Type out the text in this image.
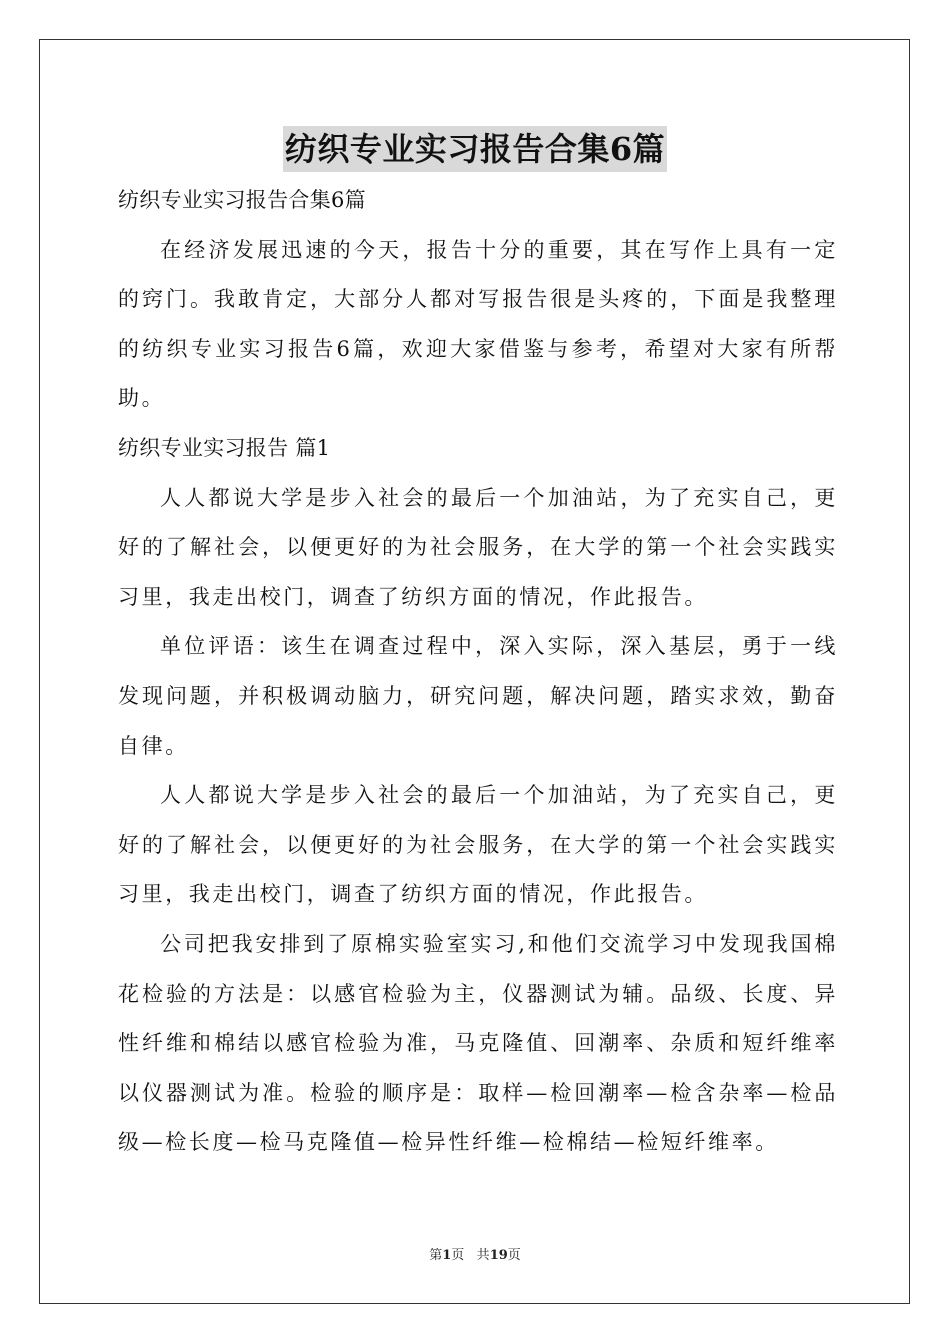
纺织专业实习报告合集6篇

纺织专业实习报告合集6篇

在经济发展迅速的今天，报告十分的重要，其在写作上具有一定的窍门。我敢肯定，大部分人都对写报告很是头疼的，下面是我整理的纺织专业实习报告6篇，欢迎大家借鉴与参考，希望对大家有所帮助。

纺织专业实习报告 篇1

人人都说大学是步入社会的最后一个加油站，为了充实自己，更好的了解社会，以便更好的为社会服务，在大学的第一个社会实践实习里，我走出校门，调查了纺织方面的情况，作此报告。

单位评语：该生在调查过程中，深入实际，深入基层，勇于一线发现问题，并积极调动脑力，研究问题，解决问题，踏实求效，勤奋自律。

人人都说大学是步入社会的最后一个加油站，为了充实自己，更好的了解社会，以便更好的为社会服务，在大学的第一个社会实践实习里，我走出校门，调查了纺织方面的情况，作此报告。

公司把我安排到了原棉实验室实习,和他们交流学习中发现我国棉花检验的方法是：以感官检验为主，仪器测试为辅。品级、长度、异性纤维和棉结以感官检验为准，马克隆值、回潮率、杂质和短纤维率以仪器测试为准。检验的顺序是：取样—检回潮率—检含杂率—检品级—检长度—检马克隆值—检异性纤维—检棉结—检短纤维率。

第1页 共19页
